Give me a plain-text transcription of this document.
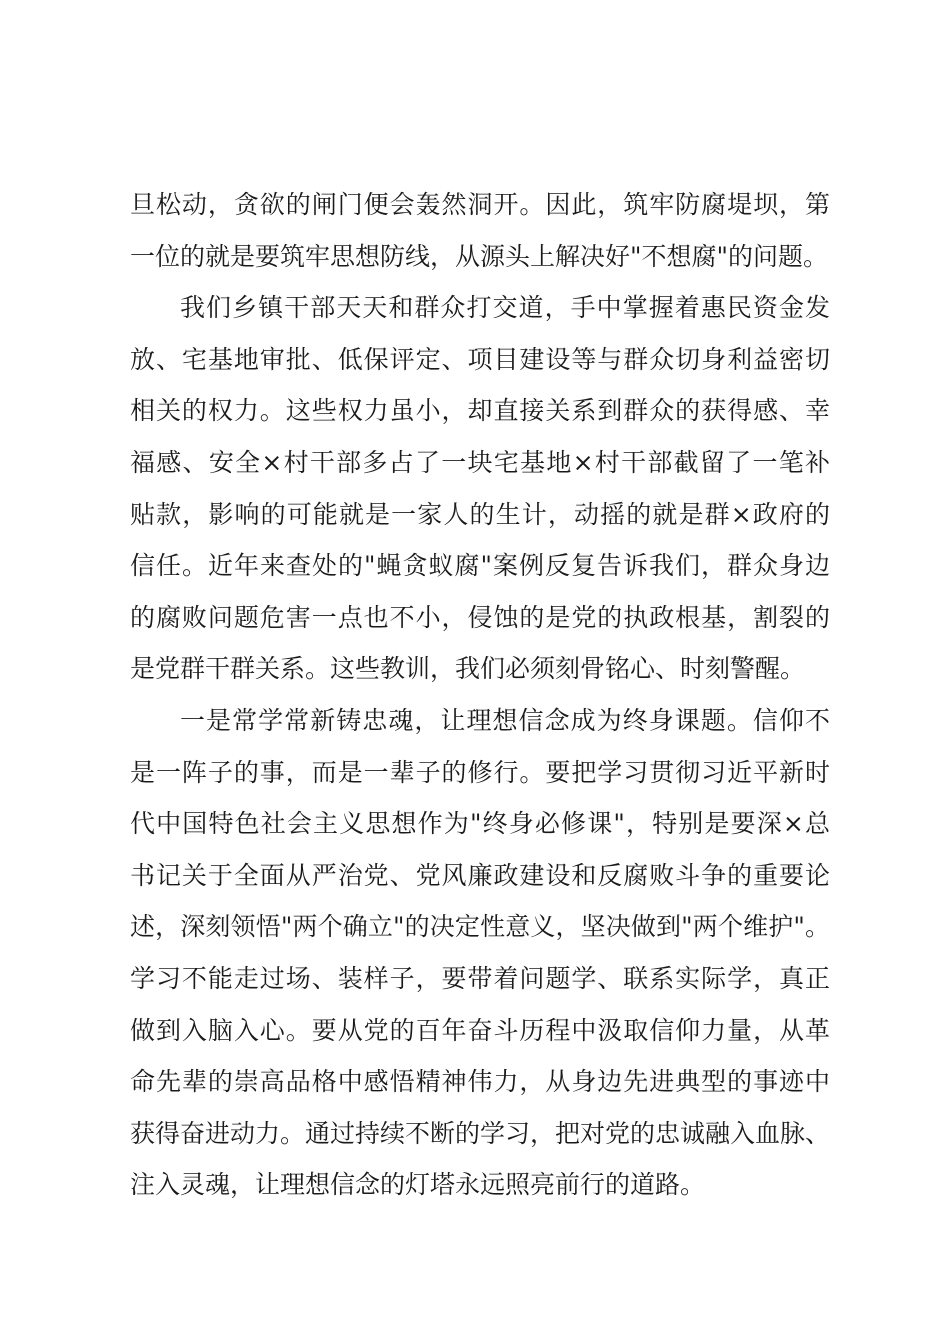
旦松动，贪欲的闸门便会轰然洞开。因此，筑牢防腐堤坝，第
一位的就是要筑牢思想防线，从源头上解决好"不想腐"的问题。
我们乡镇干部天天和群众打交道，手中掌握着惠民资金发
放、宅基地审批、低保评定、项目建设等与群众切身利益密切
相关的权力。这些权力虽小，却直接关系到群众的获得感、幸
福感、安全×村干部多占了一块宅基地×村干部截留了一笔补
贴款，影响的可能就是一家人的生计，动摇的就是群×政府的
信任。近年来查处的"蝇贪蚁腐"案例反复告诉我们，群众身边
的腐败问题危害一点也不小，侵蚀的是党的执政根基，割裂的
是党群干群关系。这些教训，我们必须刻骨铭心、时刻警醒。
一是常学常新铸忠魂，让理想信念成为终身课题。信仰不
是一阵子的事，而是一辈子的修行。要把学习贯彻习近平新时
代中国特色社会主义思想作为"终身必修课"，特别是要深×总
书记关于全面从严治党、党风廉政建设和反腐败斗争的重要论
述，深刻领悟"两个确立"的决定性意义，坚决做到"两个维护"。
学习不能走过场、装样子，要带着问题学、联系实际学，真正
做到入脑入心。要从党的百年奋斗历程中汲取信仰力量，从革
命先辈的崇高品格中感悟精神伟力，从身边先进典型的事迹中
获得奋进动力。通过持续不断的学习，把对党的忠诚融入血脉、
注入灵魂，让理想信念的灯塔永远照亮前行的道路。
